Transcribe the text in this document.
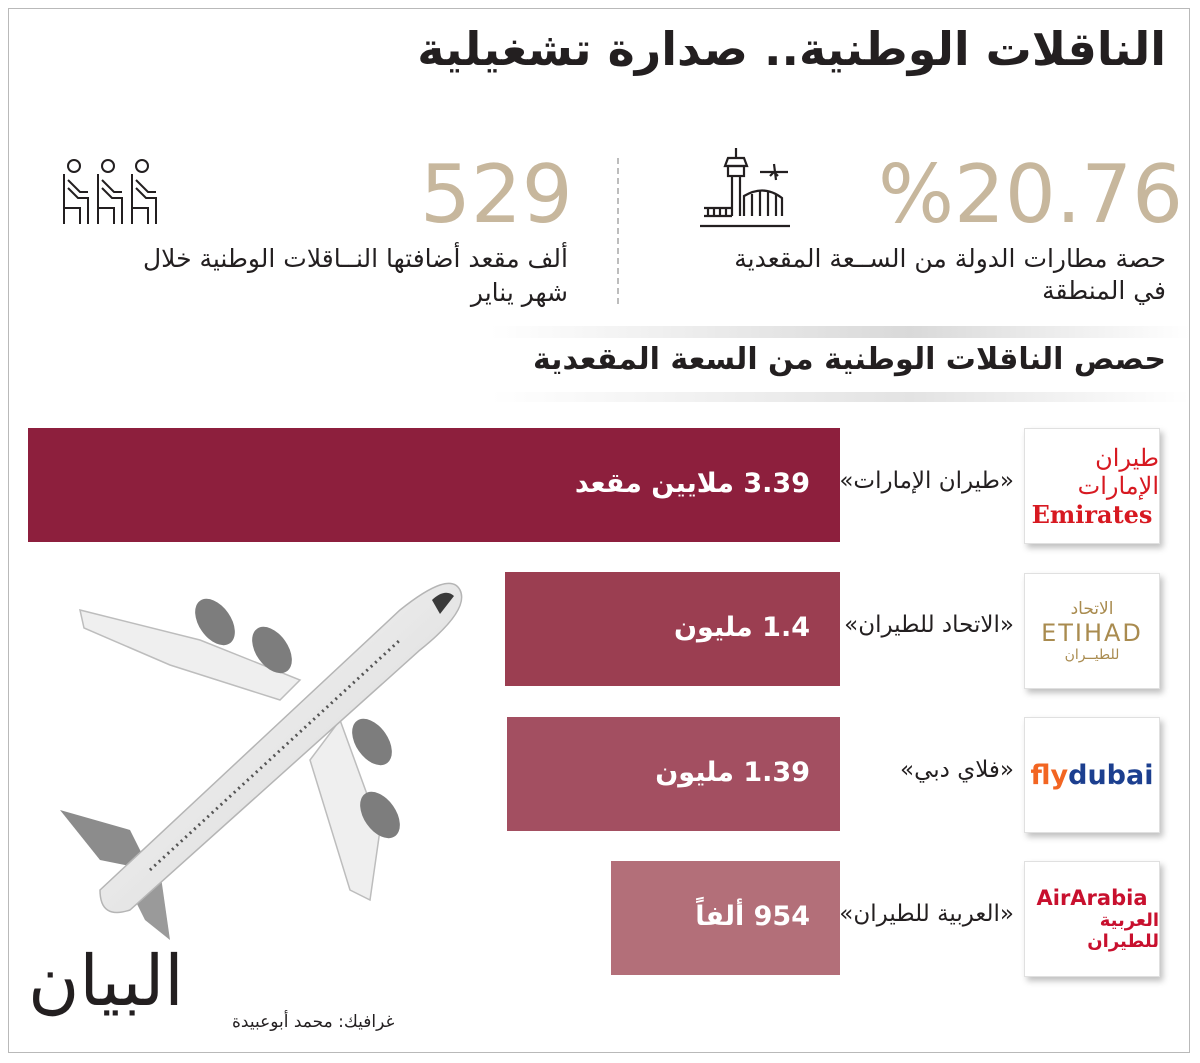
الناقلات الوطنية.. صدارة تشغيلية
%20.76
حصة مطارات الدولة من الســعة المقعدية
في المنطقة
529
ألف مقعد أضافتها النــاقلات الوطنية خلال
شهر يناير
حصص الناقلات الوطنية من السعة المقعدية
3.39 ملايين مقعد «طيران الإمارات»
1.4 مليون «الاتحاد للطيران»
1.39 مليون	«فلاي دبي»
954 ألفاً «العربية للطيران»
طيران الإمارات
Emirates
الاتحاد
ETIHAD
للطيــران
flydubai
AirArabia
العربية للطيران
غرافيك: محمد أبوعبيدة
البيان
